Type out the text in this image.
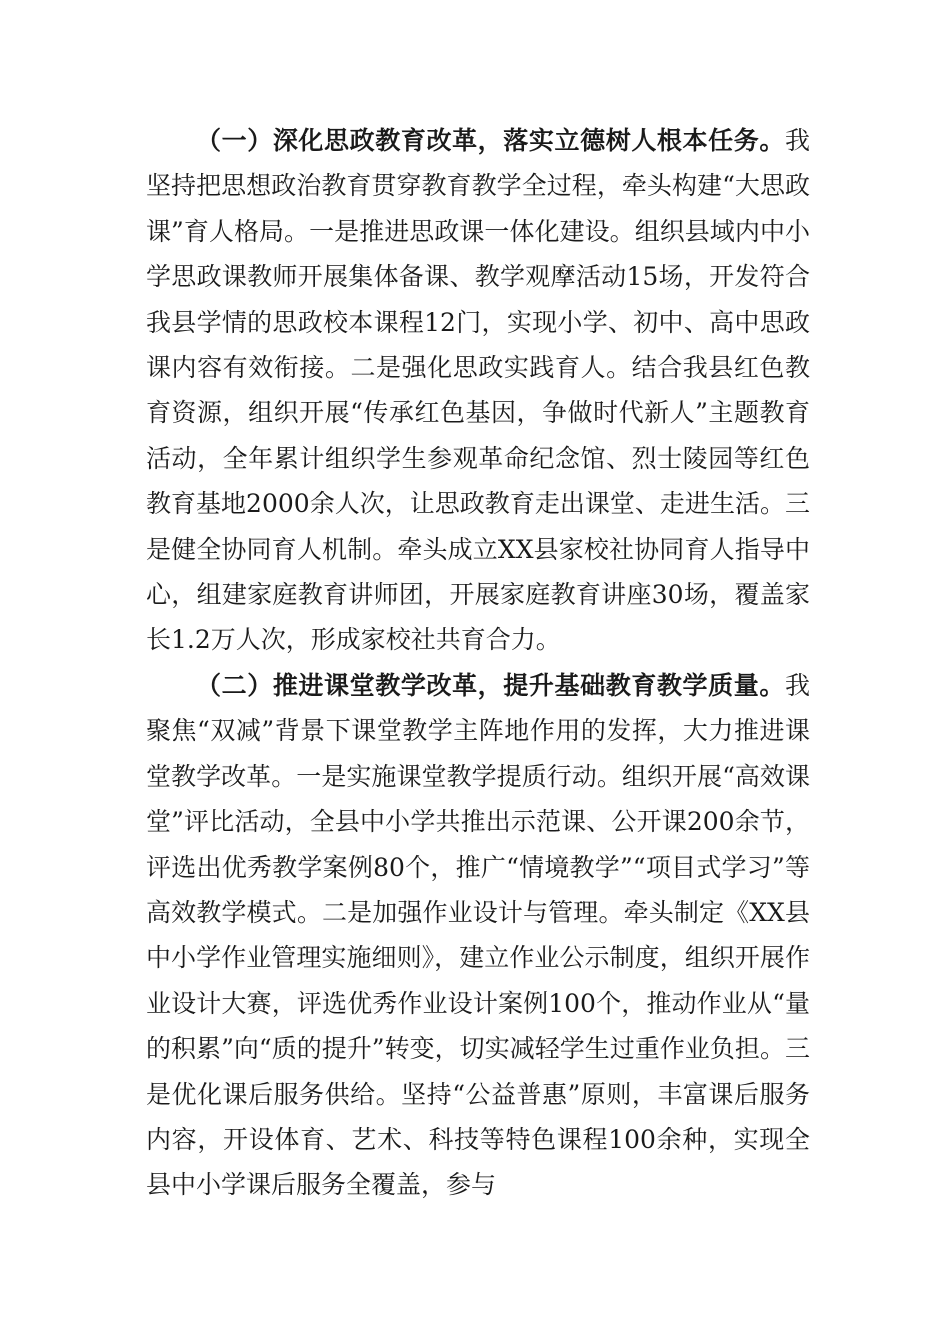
（一）深化思政教育改革，落实立德树人根本任务。我坚持把思想政治教育贯穿教育教学全过程，牵头构建“大思政课”育人格局。一是推进思政课一体化建设。组织县域内中小学思政课教师开展集体备课、教学观摩活动15场，开发符合我县学情的思政校本课程12门，实现小学、初中、高中思政课内容有效衔接。二是强化思政实践育人。结合我县红色教育资源，组织开展“传承红色基因，争做时代新人”主题教育活动，全年累计组织学生参观革命纪念馆、烈士陵园等红色教育基地2000余人次，让思政教育走出课堂、走进生活。三是健全协同育人机制。牵头成立XX县家校社协同育人指导中心，组建家庭教育讲师团，开展家庭教育讲座30场，覆盖家长1.2万人次，形成家校社共育合力。

（二）推进课堂教学改革，提升基础教育教学质量。我聚焦“双减”背景下课堂教学主阵地作用的发挥，大力推进课堂教学改革。一是实施课堂教学提质行动。组织开展“高效课堂”评比活动，全县中小学共推出示范课、公开课200余节，评选出优秀教学案例80个，推广“情境教学”“项目式学习”等高效教学模式。二是加强作业设计与管理。牵头制定《XX县中小学作业管理实施细则》，建立作业公示制度，组织开展作业设计大赛，评选优秀作业设计案例100个，推动作业从“量的积累”向“质的提升”转变，切实减轻学生过重作业负担。三是优化课后服务供给。坚持“公益普惠”原则，丰富课后服务内容，开设体育、艺术、科技等特色课程100余种，实现全县中小学课后服务全覆盖，参与
